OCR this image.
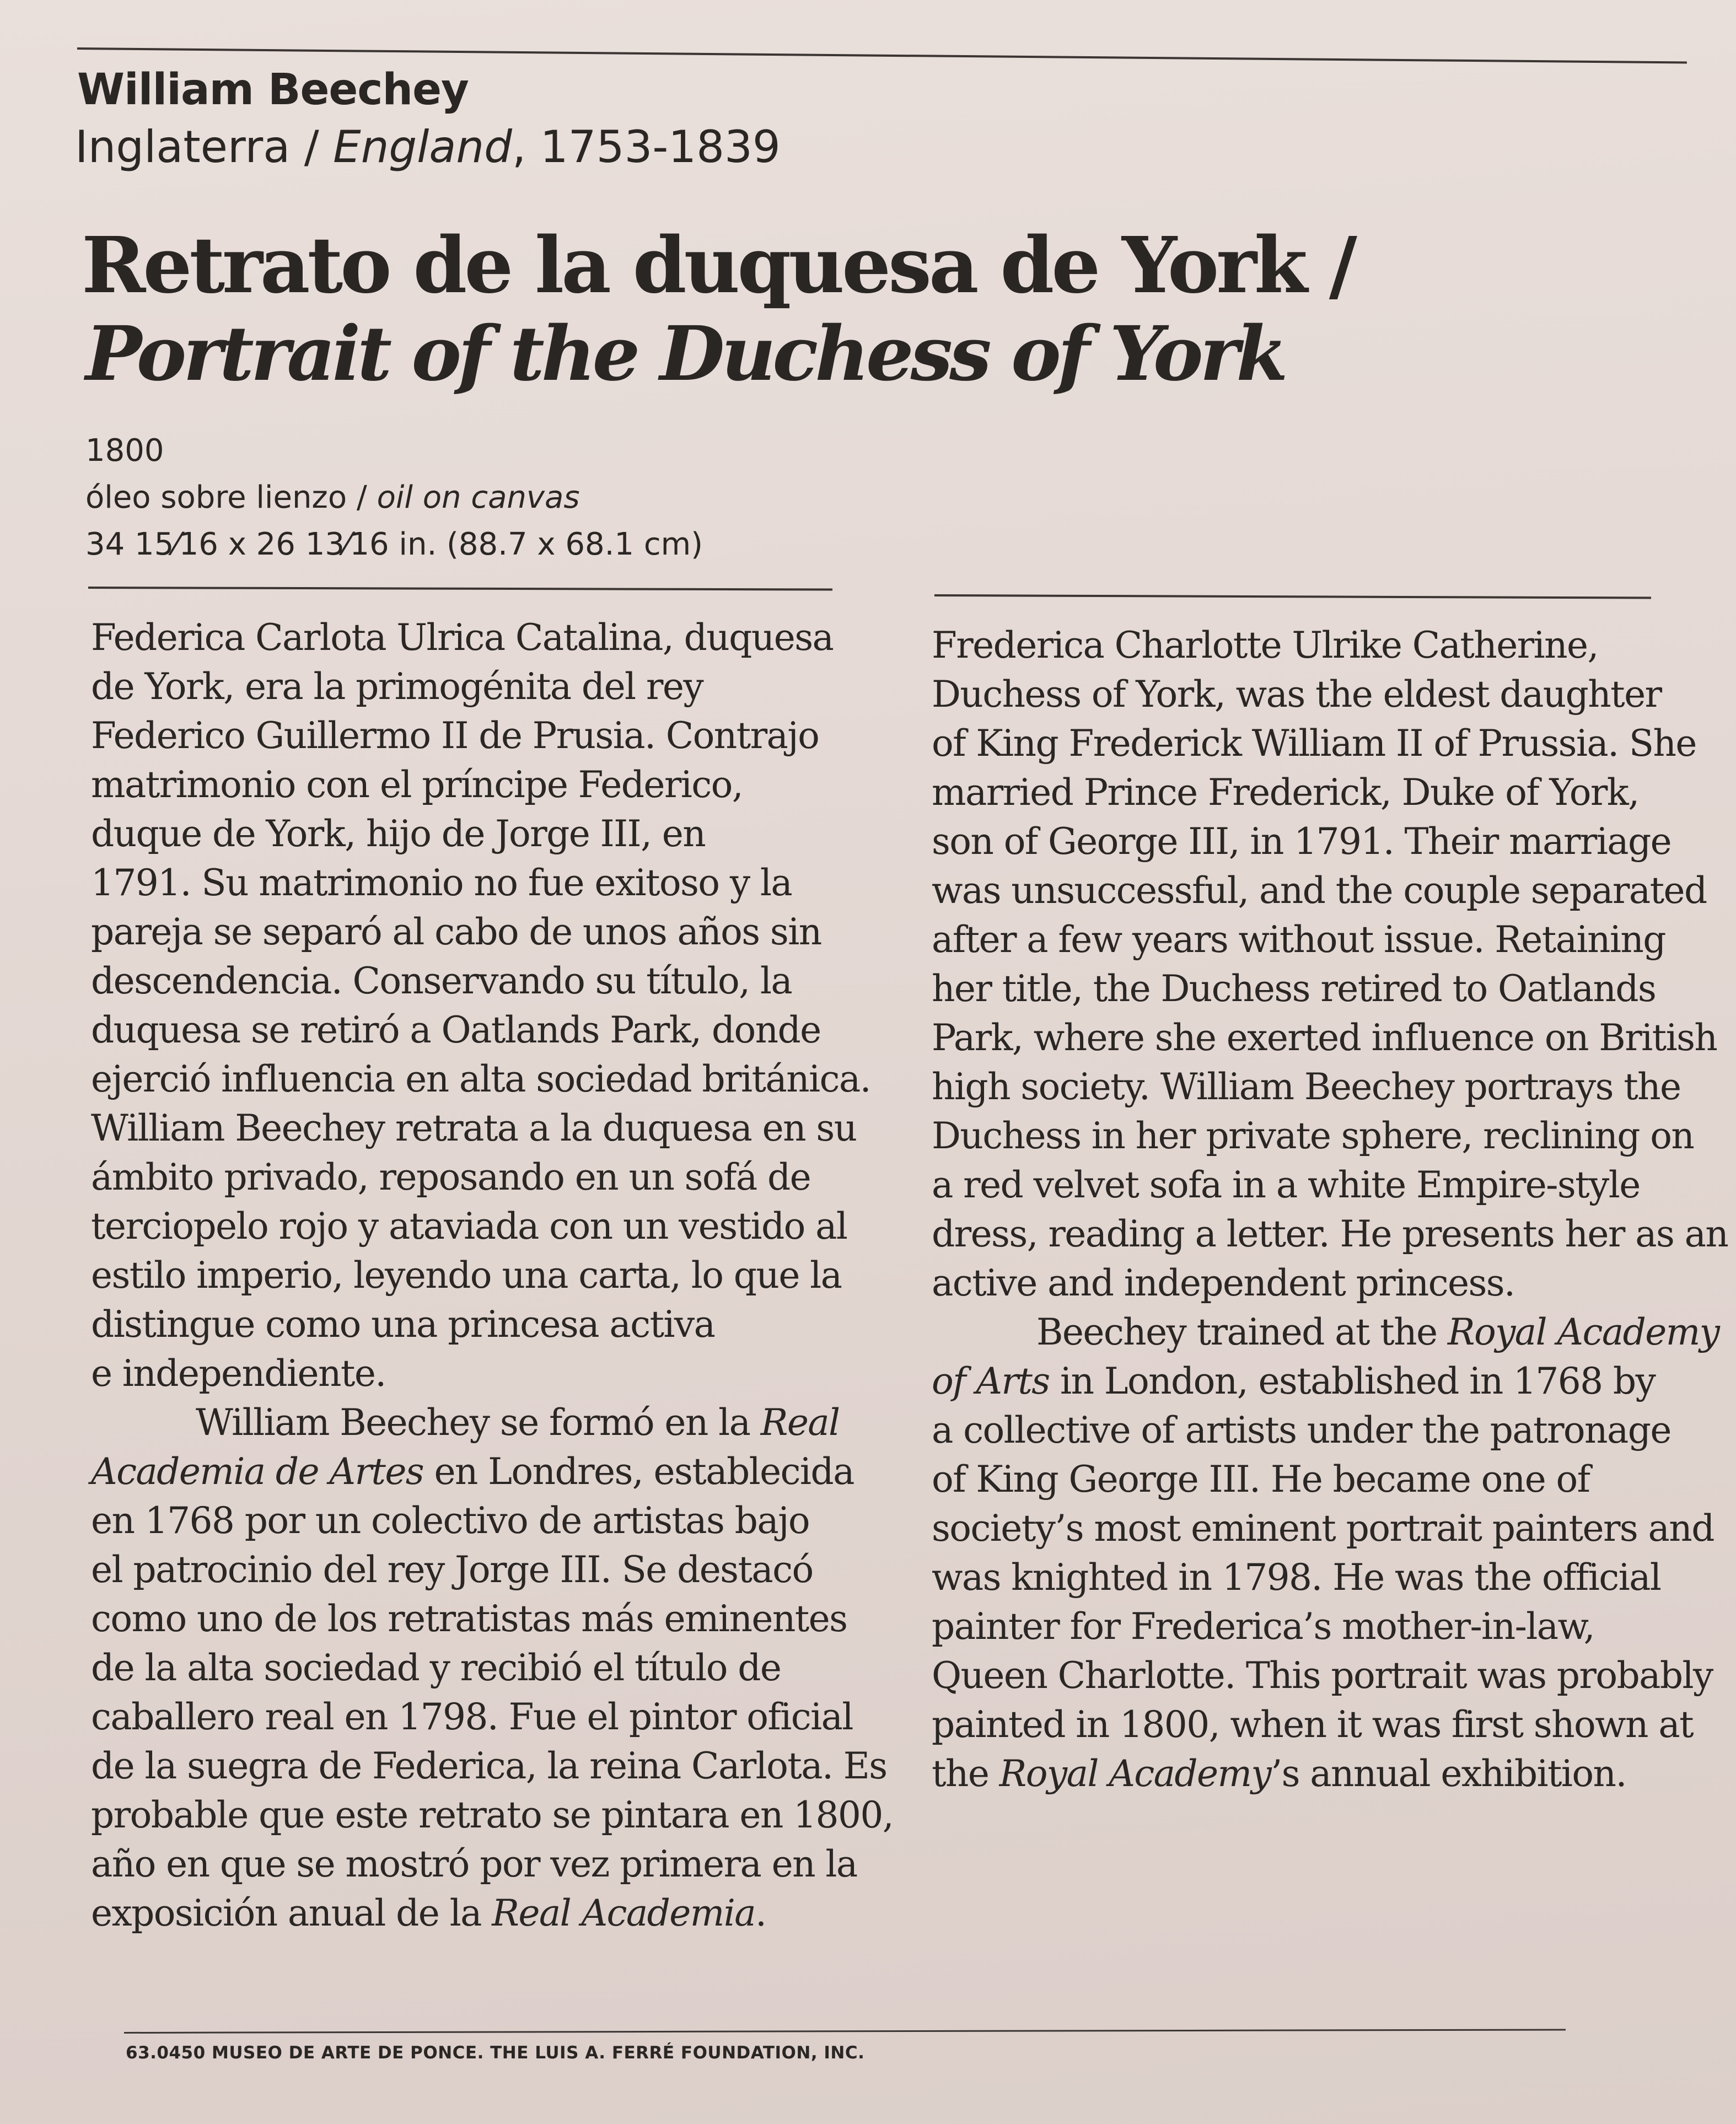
William Beechey
Inglaterra / England, 1753-1839
Retrato de la duquesa de York /
Portrait of the Duchess of York
1800
óleo sobre lienzo / oil on canvas
34 15⁄16 x 26 13⁄16 in. (88.7 x 68.1 cm)
Federica Carlota Ulrica Catalina, duquesa
de York, era la primogénita del rey
Federico Guillermo II de Prusia. Contrajo
matrimonio con el príncipe Federico,
duque de York, hijo de Jorge III, en
1791. Su matrimonio no fue exitoso y la
pareja se separó al cabo de unos años sin
descendencia. Conservando su título, la
duquesa se retiró a Oatlands Park, donde
ejerció influencia en alta sociedad británica.
William Beechey retrata a la duquesa en su
ámbito privado, reposando en un sofá de
terciopelo rojo y ataviada con un vestido al
estilo imperio, leyendo una carta, lo que la
distingue como una princesa activa
e independiente.
William Beechey se formó en la Real
Academia de Artes en Londres, establecida
en 1768 por un colectivo de artistas bajo
el patrocinio del rey Jorge III. Se destacó
como uno de los retratistas más eminentes
de la alta sociedad y recibió el título de
caballero real en 1798. Fue el pintor oficial
de la suegra de Federica, la reina Carlota. Es
probable que este retrato se pintara en 1800,
año en que se mostró por vez primera en la
exposición anual de la Real Academia.
Frederica Charlotte Ulrike Catherine,
Duchess of York, was the eldest daughter
of King Frederick William II of Prussia. She
married Prince Frederick, Duke of York,
son of George III, in 1791. Their marriage
was unsuccessful, and the couple separated
after a few years without issue. Retaining
her title, the Duchess retired to Oatlands
Park, where she exerted influence on British
high society. William Beechey portrays the
Duchess in her private sphere, reclining on
a red velvet sofa in a white Empire-style
dress, reading a letter. He presents her as an
active and independent princess.
Beechey trained at the Royal Academy
of Arts in London, established in 1768 by
a collective of artists under the patronage
of King George III. He became one of
society’s most eminent portrait painters and
was knighted in 1798. He was the official
painter for Frederica’s mother-in-law,
Queen Charlotte. This portrait was probably
painted in 1800, when it was first shown at
the Royal Academy’s annual exhibition.
63.0450 MUSEO DE ARTE DE PONCE. THE LUIS A. FERRÉ FOUNDATION, INC.
